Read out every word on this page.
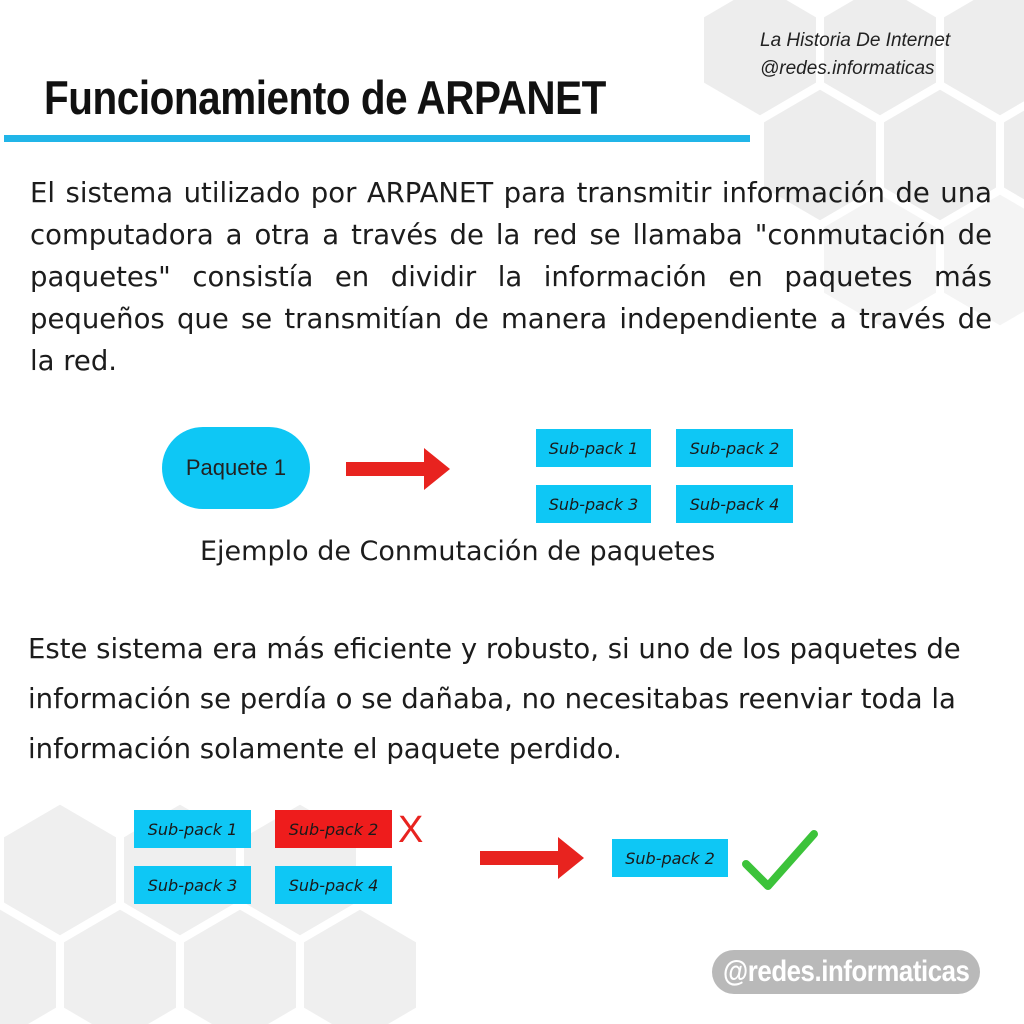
La Historia De Internet
@redes.informaticas
Funcionamiento de ARPANET
El sistema utilizado por ARPANET para transmitir información de una computadora a otra a través de la red se llamaba "conmutación de paquetes" consistía en dividir la información en paquetes más pequeños que se transmitían de manera independiente a través de la red.
Paquete 1
Sub-pack 1	Sub-pack 2
Sub-pack 3	Sub-pack 4
Ejemplo de Conmutación de paquetes
Este sistema era más eficiente y robusto, si uno de los paquetes de información se perdía o se dañaba, no necesitabas reenviar toda la información solamente el paquete perdido.
Sub-pack 1	Sub-pack 2 X
Sub-pack 3	Sub-pack 4
Sub-pack 2
@redes.informaticas
